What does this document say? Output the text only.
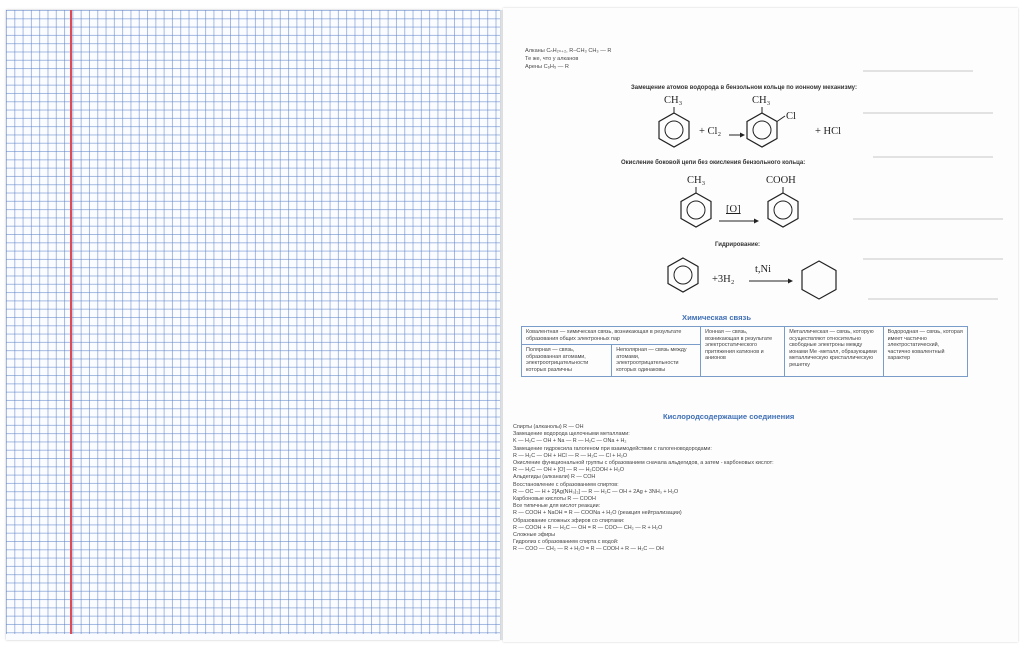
Алканы CₙH₂ₙ₊₂, R–CH₃ CH₃ — R
Те же, что у алканов
Арены C₆H₅ — R
Замещение атомов водорода в бензольном кольце по ионному механизму:
CH₃
+ Cl₂ →
CH₃
Cl
+ HCl
Окисление боковой цепи без окисления бензольного кольца:
CH₃
[O]
COOH
Гидрирование:
+3H₂
t,Ni
Химическая связь
Ковалентная — химическая связь, возникающая в результате образования общих электронных пар		Ионная — связь, возникающая в результате электростатического притяжения катионов и анионов	Металлическая — связь, которую осуществляют относительно свободные электроны между ионами Ме -металл, образующими металлическую кристаллическую решетку	Водородная — связь, которая имеет частично электростатический, частично ковалентный характер
Полярная — связь, образованная атомами, электроотрицательности которых различны	Неполярная — связь между атомами, электроотрицательности которых одинаковы			
Кислородсодержащие соединения
Спирты (алканолы) R — OH
Замещение водорода щелочными металлами:
K — H₂C — OH + Na — R — H₂C — ONa + H₂
Замещение гидроксила галогеном при взаимодействии с галогеноводородами:
R — H₂C — OH + HCl — R — H₂C — Cl + H₂O
Окисление функциональной группы с образованием сначала альдегидов, а затем - карбоновых кислот:
R — H₂C — OH + [O] — R — H₂COOH + H₂O
Альдегиды (алканали) R — COH
Восстановление с образованием спиртов:
R — OC — H + 2[Ag(NH₃)₂] — R — H₂C — OH + 2Ag + 3NH₃ + H₂O
Карбоновые кислоты R — COOH
Все типичные для кислот реакции:
R — COOH + NaOH = R — COONa + H₂O (реакция нейтрализации)
Образование сложных эфиров со спиртами:
R — COOH + R — H₂C — OH = R — COO— CH₂ — R + H₂O
Сложные эфиры
Гидролиз с образованием спирта с водой:
R — COO — CH₂ — R + H₂O = R — COOH + R — H₂C — OH
